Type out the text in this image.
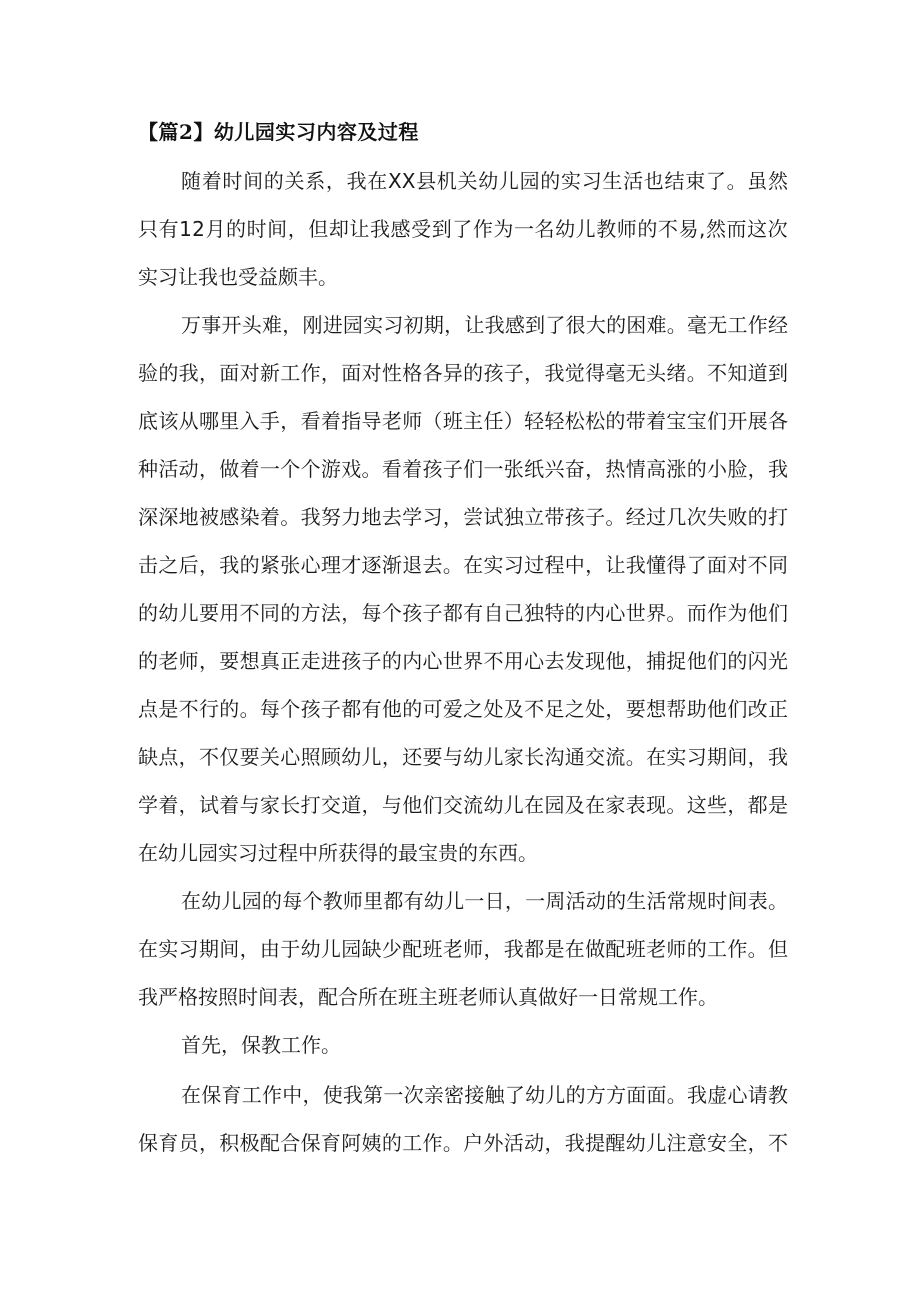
【篇2】幼儿园实习内容及过程
随着时间的关系，我在XX县机关幼儿园的实习生活也结束了。虽然
只有12月的时间，但却让我感受到了作为一名幼儿教师的不易,然而这次
实习让我也受益颇丰。
万事开头难，刚进园实习初期，让我感到了很大的困难。毫无工作经
验的我，面对新工作，面对性格各异的孩子，我觉得毫无头绪。不知道到
底该从哪里入手，看着指导老师（班主任）轻轻松松的带着宝宝们开展各
种活动，做着一个个游戏。看着孩子们一张纸兴奋，热情高涨的小脸，我
深深地被感染着。我努力地去学习，尝试独立带孩子。经过几次失败的打
击之后，我的紧张心理才逐渐退去。在实习过程中，让我懂得了面对不同
的幼儿要用不同的方法，每个孩子都有自己独特的内心世界。而作为他们
的老师，要想真正走进孩子的内心世界不用心去发现他，捕捉他们的闪光
点是不行的。每个孩子都有他的可爱之处及不足之处，要想帮助他们改正
缺点，不仅要关心照顾幼儿，还要与幼儿家长沟通交流。在实习期间，我
学着，试着与家长打交道，与他们交流幼儿在园及在家表现。这些，都是
在幼儿园实习过程中所获得的最宝贵的东西。
在幼儿园的每个教师里都有幼儿一日，一周活动的生活常规时间表。
在实习期间，由于幼儿园缺少配班老师，我都是在做配班老师的工作。但
我严格按照时间表，配合所在班主班老师认真做好一日常规工作。
首先，保教工作。
在保育工作中，使我第一次亲密接触了幼儿的方方面面。我虚心请教
保育员，积极配合保育阿姨的工作。户外活动，我提醒幼儿注意安全，不
